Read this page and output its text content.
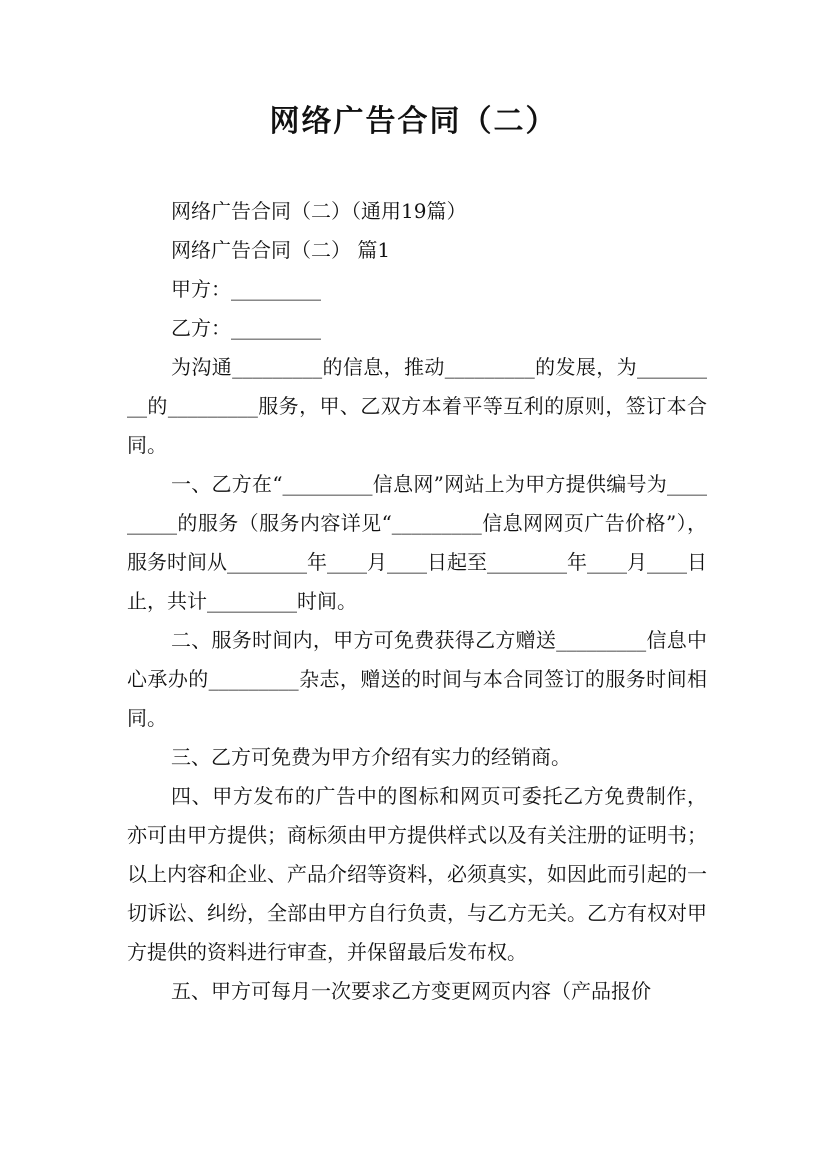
网络广告合同（二）

网络广告合同（二）（通用19篇）

网络广告合同（二） 篇1

甲方：_________

乙方：_________

为沟通_________的信息，推动_________的发展，为_________的_________服务，甲、乙双方本着平等互利的原则，签订本合同。

一、乙方在“_________信息网”网站上为甲方提供编号为_________的服务（服务内容详见“_________信息网网页广告价格”），服务时间从________年____月____日起至________年____月____日止，共计_________时间。

二、服务时间内，甲方可免费获得乙方赠送_________信息中心承办的_________杂志，赠送的时间与本合同签订的服务时间相同。

三、乙方可免费为甲方介绍有实力的经销商。

四、甲方发布的广告中的图标和网页可委托乙方免费制作，亦可由甲方提供；商标须由甲方提供样式以及有关注册的证明书；以上内容和企业、产品介绍等资料，必须真实，如因此而引起的一切诉讼、纠纷，全部由甲方自行负责，与乙方无关。乙方有权对甲方提供的资料进行审查，并保留最后发布权。

五、甲方可每月一次要求乙方变更网页内容（产品报价
